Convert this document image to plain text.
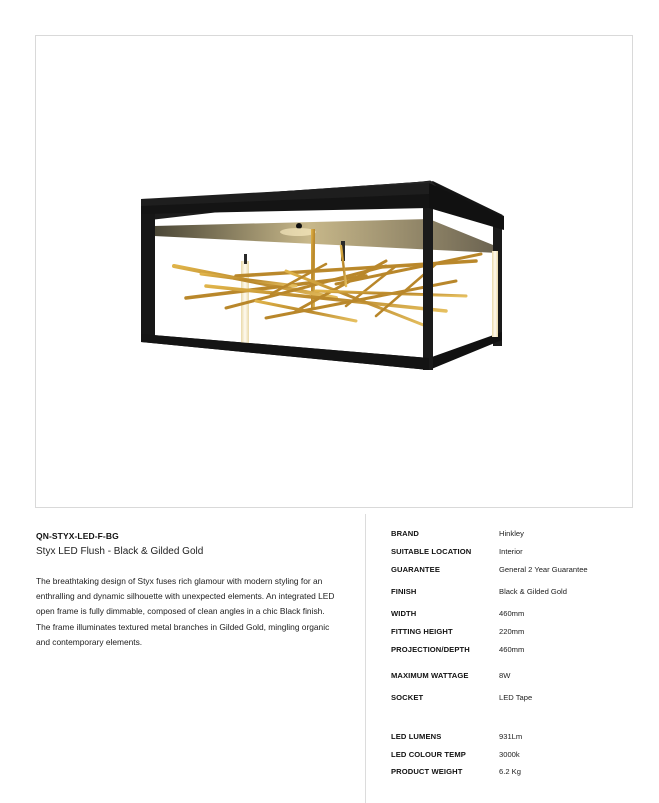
QN-STYX-LED-F-BG
Styx LED Flush - Black & Gilded Gold
The breathtaking design of Styx fuses rich glamour with modern styling for an enthralling and dynamic silhouette with unexpected elements. An integrated LED open frame is fully dimmable, composed of clean angles in a chic Black finish. The frame illuminates textured metal branches in Gilded Gold, mingling organic and contemporary elements.
BRAND	Hinkley
SUITABLE LOCATION	Interior
GUARANTEE	General 2 Year Guarantee
FINISH	Black & Gilded Gold
WIDTH	460mm
FITTING HEIGHT	220mm
PROJECTION/DEPTH	460mm
MAXIMUM WATTAGE	8W
SOCKET	LED Tape
LED LUMENS	931Lm
LED COLOUR TEMP	3000k
PRODUCT WEIGHT	6.2 Kg
